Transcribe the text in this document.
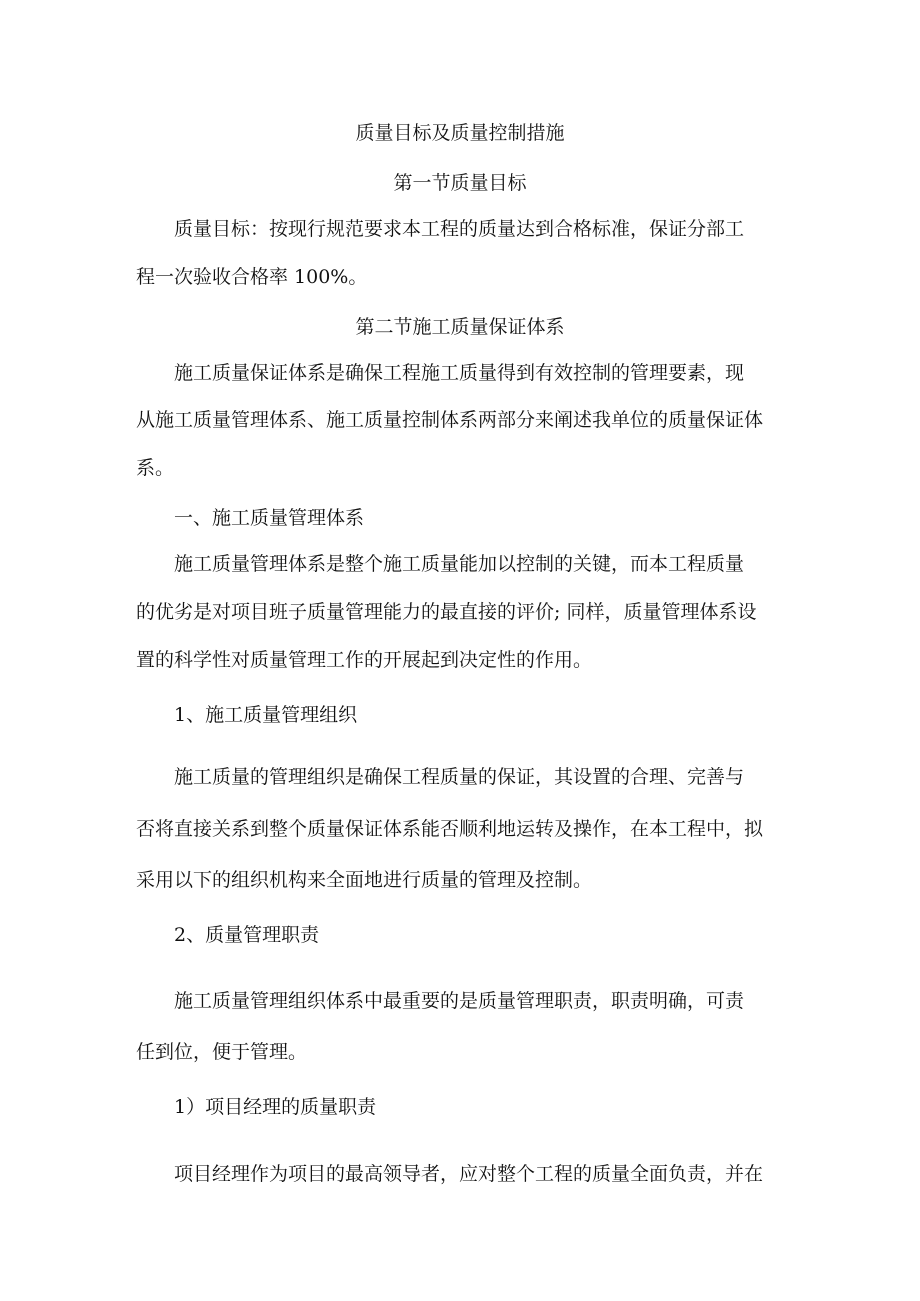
质量目标及质量控制措施
第一节质量目标
质量目标：按现行规范要求本工程的质量达到合格标准，保证分部工
程一次验收合格率 100%。
第二节施工质量保证体系
施工质量保证体系是确保工程施工质量得到有效控制的管理要素，现
从施工质量管理体系、施工质量控制体系两部分来阐述我单位的质量保证体
系。
一、施工质量管理体系
施工质量管理体系是整个施工质量能加以控制的关键，而本工程质量
的优劣是对项目班子质量管理能力的最直接的评价; 同样，质量管理体系设
置的科学性对质量管理工作的开展起到决定性的作用。
1、施工质量管理组织
施工质量的管理组织是确保工程质量的保证，其设置的合理、完善与
否将直接关系到整个质量保证体系能否顺利地运转及操作，在本工程中，拟
采用以下的组织机构来全面地进行质量的管理及控制。
2、质量管理职责
施工质量管理组织体系中最重要的是质量管理职责，职责明确，可责
任到位，便于管理。
1）项目经理的质量职责
项目经理作为项目的最高领导者，应对整个工程的质量全面负责，并在
